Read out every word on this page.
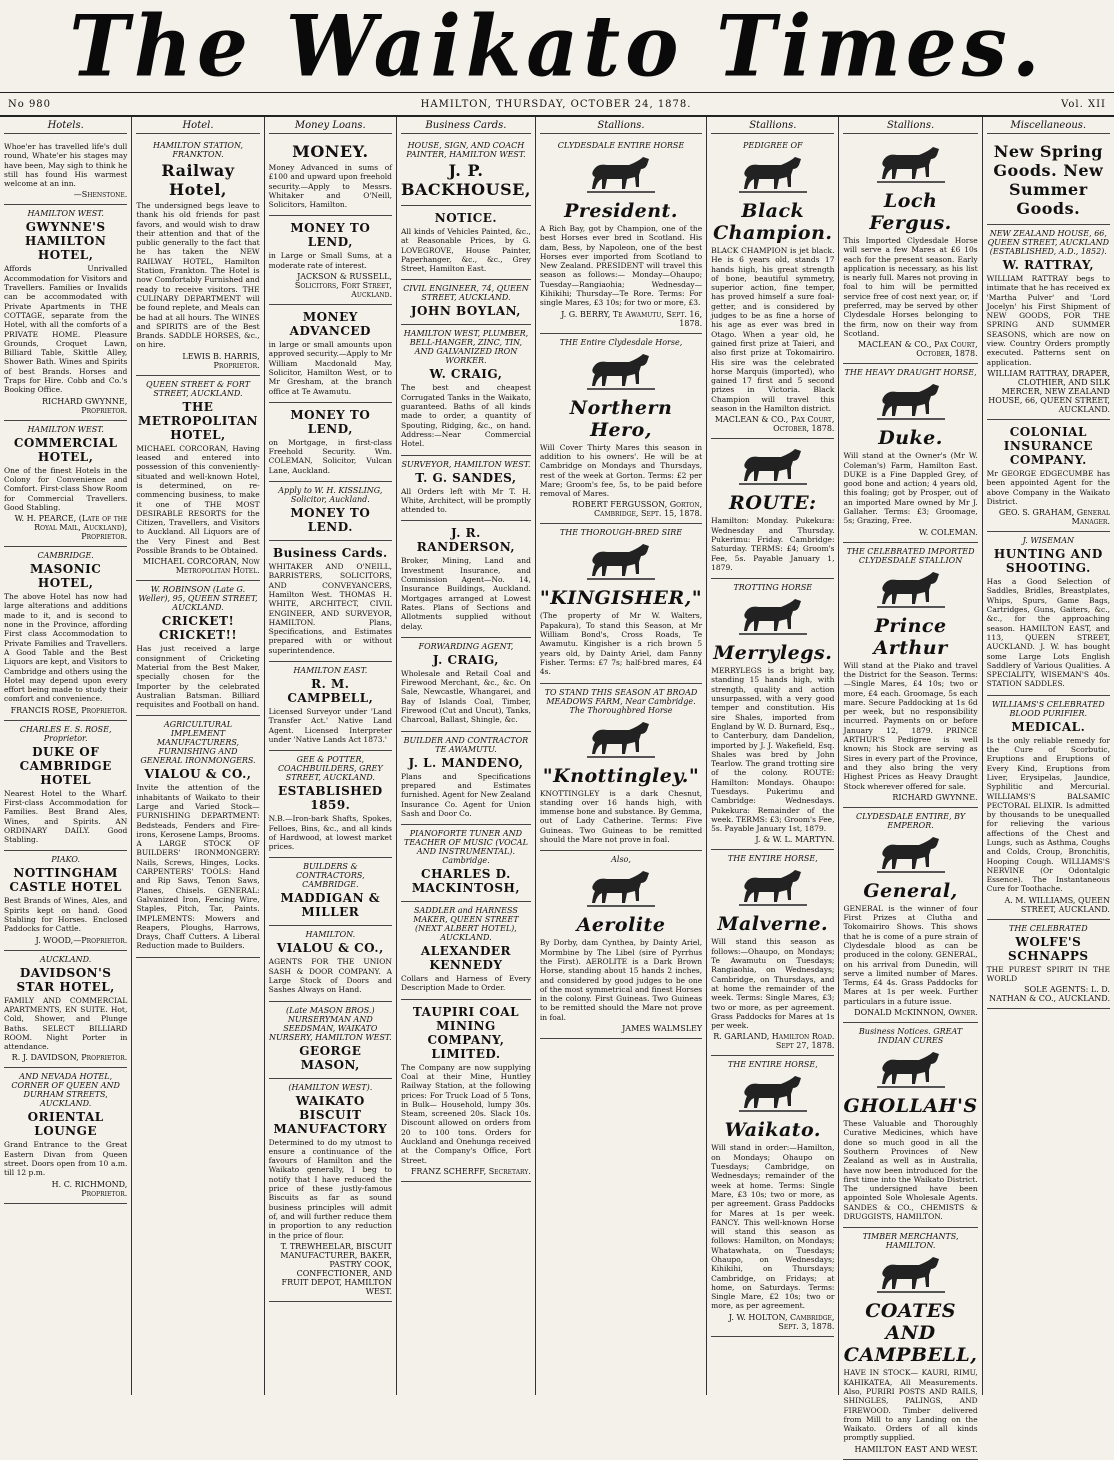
The Waikato Times.
No 980	HAMILTON, THURSDAY, OCTOBER 24, 1878.	Vol. XII
Hotels.
Whoe'er has travelled life's dull round, Whate'er his stages may have been, May sigh to think he still has found His warmest welcome at an inn.
—Shenstone.
HAMILTON WEST.
GWYNNE'S HAMILTON HOTEL,
Affords Unrivalled Accommodation for Visitors and Travellers. Families or Invalids can be accommodated with Private Apartments in THE COTTAGE, separate from the Hotel, with all the comforts of a PRIVATE HOME. Pleasure Grounds, Croquet Lawn, Billiard Table, Skittle Alley, Shower Bath. Wines and Spirits of best Brands. Horses and Traps for Hire. Cobb and Co.'s Booking Office.
RICHARD GWYNNE, Proprietor.
HAMILTON WEST.
COMMERCIAL HOTEL,
One of the finest Hotels in the Colony for Convenience and Comfort. First-class Show Room for Commercial Travellers. Good Stabling.
W. H. PEARCE, (Late of the Royal Mail, Auckland), Proprietor.
CAMBRIDGE.
MASONIC HOTEL,
The above Hotel has now had large alterations and additions made to it, and is second to none in the Province, affording First class Accommodation to Private Families and Travellers. A Good Table and the Best Liquors are kept, and Visitors to Cambridge and others using the Hotel may depend upon every effort being made to study their comfort and convenience.
FRANCIS ROSE, Proprietor.
CHARLES E. S. ROSE, Proprietor.
DUKE OF CAMBRIDGE HOTEL
Nearest Hotel to the Wharf. First-class Accommodation for Families. Best Brand Ales, Wines, and Spirits. AN ORDINARY DAILY. Good Stabling.
PIAKO.
NOTTINGHAM CASTLE HOTEL
Best Brands of Wines, Ales, and Spirits kept on hand. Good Stabling for Horses. Enclosed Paddocks for Cattle.
J. WOOD,—Proprietor.
AUCKLAND.
DAVIDSON'S STAR HOTEL,
FAMILY AND COMMERCIAL APARTMENTS, EN SUITE. Hot, Cold, Shower, and Plunge Baths. SELECT BILLIARD ROOM. Night Porter in attendance.
R. J. DAVIDSON, Proprietor.
AND NEVADA HOTEL, CORNER OF QUEEN AND DURHAM STREETS, AUCKLAND.
ORIENTAL LOUNGE
Grand Entrance to the Great Eastern Divan from Queen street. Doors open from 10 a.m. till 12 p.m.
H. C. RICHMOND, Proprietor.
Hotel.
HAMILTON STATION, FRANKTON.
Railway Hotel,
The undersigned begs leave to thank his old friends for past favors, and would wish to draw their attention and that of the public generally to the fact that he has taken the NEW RAILWAY HOTEL, Hamilton Station, Frankton. The Hotel is now Comfortably Furnished and ready to receive visitors. THE CULINARY DEPARTMENT will be found replete, and Meals can be had at all hours. The WINES and SPIRITS are of the Best Brands. SADDLE HORSES, &c., on hire.
LEWIS B. HARRIS, Proprietor.
QUEEN STREET & FORT STREET, AUCKLAND.
THE METROPOLITAN HOTEL,
MICHAEL CORCORAN, Having leased and entered into possession of this conveniently-situated and well-known Hotel, is determined, on re-commencing business, to make it one of THE MOST DESIRABLE RESORTS for the Citizen, Travellers, and Visitors to Auckland. All Liquors are of the Very Finest and Best Possible Brands to be Obtained.
MICHAEL CORCORAN, Now Metropolitan Hotel.
W. ROBINSON (Late G. Weller), 95, QUEEN STREET, AUCKLAND.
CRICKET! CRICKET!!
Has just received a large consignment of Cricketing Material from the Best Maker, specially chosen for the Importer by the celebrated Australian Batsman. Billiard requisites and Football on hand.
AGRICULTURAL IMPLEMENT MANUFACTURERS, FURNISHING AND GENERAL IRONMONGERS.
VIALOU & CO.,
Invite the attention of the inhabitants of Waikato to their Large and Varied Stock— FURNISHING DEPARTMENT: Bedsteads, Fenders and Fire-irons, Kerosene Lamps, Brooms. A LARGE STOCK OF BUILDERS' IRONMONGERY: Nails, Screws, Hinges, Locks. CARPENTERS' TOOLS: Hand and Rip Saws, Tenon Saws, Planes, Chisels. GENERAL: Galvanized Iron, Fencing Wire, Staples, Pitch, Tar, Paints. IMPLEMENTS: Mowers and Reapers, Ploughs, Harrows, Drays, Chaff Cutters. A Liberal Reduction made to Builders.
Money Loans.
MONEY.
Money Advanced in sums of £100 and upward upon freehold security.—Apply to Messrs. Whitaker and O'Neill, Solicitors, Hamilton.
MONEY TO LEND,
in Large or Small Sums, at a moderate rate of interest.
JACKSON & RUSSELL, Solicitors, Fort Street, Auckland.
MONEY ADVANCED
in large or small amounts upon approved security.—Apply to Mr William Macdonald May, Solicitor, Hamilton West, or to Mr Gresham, at the branch office at Te Awamutu.
MONEY TO LEND,
on Mortgage, in first-class Freehold Security. Wm. COLEMAN, Solicitor, Vulcan Lane, Auckland.
Apply to W. H. KISSLING, Solicitor, Auckland.
MONEY TO LEND.
Business Cards.
WHITAKER AND O'NEILL, BARRISTERS, SOLICITORS, AND CONVEYANCERS, Hamilton West. THOMAS H. WHITE, ARCHITECT, CIVIL ENGINEER, AND SURVEYOR, HAMILTON. Plans, Specifications, and Estimates prepared with or without superintendence.
HAMILTON EAST.
R. M. CAMPBELL,
Licensed Surveyor under 'Land Transfer Act.' Native Land Agent. Licensed Interpreter under 'Native Lands Act 1873.'
GEE & POTTER, COACHBUILDERS, GREY STREET, AUCKLAND.
ESTABLISHED 1859.
N.B.—Iron-bark Shafts, Spokes, Felloes, Bins, &c., and all kinds of Hardwood, at lowest market prices.
BUILDERS & CONTRACTORS, CAMBRIDGE.
MADDIGAN & MILLER
HAMILTON.
VIALOU & CO.,
AGENTS FOR THE UNION SASH & DOOR COMPANY. A Large Stock of Doors and Sashes Always on Hand.
(Late MASON BROS.) NURSERYMAN AND SEEDSMAN, WAIKATO NURSERY, HAMILTON WEST.
GEORGE MASON,
(HAMILTON WEST).
WAIKATO BISCUIT MANUFACTORY
Determined to do my utmost to ensure a continuance of the favours of Hamilton and the Waikato generally, I beg to notify that I have reduced the price of these justly-famous Biscuits as far as sound business principles will admit of, and will further reduce them in proportion to any reduction in the price of flour.
T. TREWHEELAR, BISCUIT MANUFACTURER, BAKER, PASTRY COOK, CONFECTIONER, AND FRUIT DEPOT, HAMILTON WEST.
Business Cards.
HOUSE, SIGN, AND COACH PAINTER, HAMILTON WEST.
J. P. BACKHOUSE,
NOTICE.
All kinds of Vehicles Painted, &c., at Reasonable Prices, by G. LOVEGROVE, House Painter, Paperhanger, &c., &c., Grey Street, Hamilton East.
CIVIL ENGINEER, 74, QUEEN STREET, AUCKLAND.
JOHN BOYLAN,
HAMILTON WEST, PLUMBER, BELL-HANGER, ZINC, TIN, AND GALVANIZED IRON WORKER.
W. CRAIG,
The best and cheapest Corrugated Tanks in the Waikato, guaranteed. Baths of all kinds made to order, a quantity of Spouting, Ridging, &c., on hand. Address:—Near Commercial Hotel.
SURVEYOR, HAMILTON WEST.
T. G. SANDES,
All Orders left with Mr T. H. White, Architect, will be promptly attended to.
J. R. RANDERSON,
Broker, Mining, Land and Investment Insurance, and Commission Agent—No. 14, Insurance Buildings, Auckland. Mortgages arranged at Lowest Rates. Plans of Sections and Allotments supplied without delay.
FORWARDING AGENT,
J. CRAIG,
Wholesale and Retail Coal and Firewood Merchant, &c., &c. On Sale, Newcastle, Whangarei, and Bay of Islands Coal, Timber, Firewood (Cut and Uncut), Tanks, Charcoal, Ballast, Shingle, &c.
BUILDER AND CONTRACTOR TE AWAMUTU.
J. L. MANDENO,
Plans and Specifications prepared and Estimates furnished. Agent for New Zealand Insurance Co. Agent for Union Sash and Door Co.
PIANOFORTE TUNER AND TEACHER OF MUSIC (VOCAL AND INSTRUMENTAL). Cambridge.
CHARLES D. MACKINTOSH,
SADDLER and HARNESS MAKER, QUEEN STREET (NEXT ALBERT HOTEL), AUCKLAND.
ALEXANDER KENNEDY
Collars and Harness of Every Description Made to Order.
TAUPIRI COAL MINING COMPANY, LIMITED.
The Company are now supplying Coal at their Mine, Huntley Railway Station, at the following prices: For Truck Load of 5 Tons, in Bulk— Household, lumpy 30s. Steam, screened 20s. Slack 10s. Discount allowed on orders from 20 to 100 tons. Orders for Auckland and Onehunga received at the Company's Office, Fort Street.
FRANZ SCHERFF, Secretary.
Stallions.
CLYDESDALE ENTIRE HORSE
President.
A Rich Bay, got by Champion, one of the best Horses ever bred in Scotland. His dam, Bess, by Napoleon, one of the best Horses ever imported from Scotland to New Zealand. PRESIDENT will travel this season as follows:— Monday—Ohaupo; Tuesday—Rangiaohia; Wednesday—Kihikihi; Thursday—Te Rore. Terms: For single Mares, £3 10s; for two or more, £3.
J. G. BERRY, Te Awamutu, Sept. 16, 1878.
THE Entire Clydesdale Horse,
Northern Hero,
Will Cover Thirty Mares this season in addition to his owners'. He will be at Cambridge on Mondays and Thursdays, rest of the week at Gorton. Terms: £2 per Mare; Groom's fee, 5s, to be paid before removal of Mares.
ROBERT FERGUSSON, Gorton, Cambridge, Sept. 15, 1878.
THE THOROUGH-BRED SIRE
"KINGISHER,"
(The property of Mr W. Walters, Papakura), To stand this Season, at Mr William Bond's, Cross Roads, Te Awamutu. Kingisher is a rich brown 5 years old, by Dainty Ariel, dam Fanny Fisher. Terms: £7 7s; half-bred mares, £4 4s.
TO STAND THIS SEASON AT BROAD MEADOWS FARM, Near Cambridge. The Thoroughbred Horse
"Knottingley."
KNOTTINGLEY is a dark Chesnut, standing over 16 hands high, with immense bone and substance. By Gemma, out of Lady Catherine. Terms: Five Guineas. Two Guineas to be remitted should the Mare not prove in foal.
Also,
Aerolite
By Dorby, dam Cynthea, by Dainty Ariel, Mormbine by The Libel (sire of Pyrrhus the First). AEROLITE is a Dark Brown Horse, standing about 15 hands 2 inches, and considered by good judges to be one of the most symmetrical and finest Horses in the colony. First Guineas. Two Guineas to be remitted should the Mare not prove in foal.
JAMES WALMSLEY
Stallions.
PEDIGREE OF
Black Champion.
BLACK CHAMPION is jet black. He is 6 years old, stands 17 hands high, his great strength of bone, beautiful symmetry, superior action, fine temper, has proved himself a sure foal-getter, and is considered by judges to be as fine a horse of his age as ever was bred in Otago. When a year old, he gained first prize at Taieri, and also first prize at Tokomairiro. His sire was the celebrated horse Marquis (imported), who gained 17 first and 5 second prizes in Victoria. Black Champion will travel this season in the Hamilton district.
MACLEAN & CO., Pax Court, October, 1878.
ROUTE:
Hamilton: Monday. Pukekura: Wednesday and Thursday. Pukerimu: Friday. Cambridge: Saturday. TERMS: £4; Groom's Fee, 5s. Payable January 1, 1879.
TROTTING HORSE
Merrylegs.
MERRYLEGS is a bright bay, standing 15 hands high, with strength, quality and action unsurpassed, with a very good temper and constitution. His sire Shales, imported from England by W. D. Burnard, Esq., to Canterbury, dam Dandelion, imported by J. J. Wakefield, Esq. Shales was bred by John Tearlow. The grand trotting sire of the colony. ROUTE: Hamilton: Mondays. Ohaupo: Tuesdays. Pukerimu and Cambridge: Wednesdays. Pukekura: Remainder of the week. TERMS: £3; Groom's Fee, 5s. Payable January 1st, 1879.
J. & W. L. MARTYN.
THE ENTIRE HORSE,
Malverne.
Will stand this season as follows:—Ohaupo, on Mondays; Te Awamutu on Tuesdays; Rangiaohia, on Wednesdays; Cambridge, on Thursdays, and at home the remainder of the week. Terms: Single Mares, £3; two or more, as per agreement. Grass Paddocks for Mares at 1s per week.
R. GARLAND, Hamilton Road. Sept 27, 1878.
THE ENTIRE HORSE,
Waikato.
Will stand in order:—Hamilton, on Mondays; Ohaupo on Tuesdays; Cambridge, on Wednesdays; remainder of the week at home. Terms: Single Mare, £3 10s; two or more, as per agreement. Grass Paddocks for Mares at 1s per week. FANCY. This well-known Horse will stand this season as follows: Hamilton, on Mondays; Whatawhata, on Tuesdays; Ohaupo, on Wednesdays; Kihikihi, on Thursdays; Cambridge, on Fridays; at home, on Saturdays. Terms: Single Mare, £2 10s; two or more, as per agreement.
J. W. HOLTON, Cambridge, Sept. 3, 1878.
Stallions.
Loch Fergus.
This Imported Clydesdale Horse will serve a few Mares at £6 10s each for the present season. Early application is necessary, as his list is nearly full. Mares not proving in foal to him will be permitted service free of cost next year, or, if preferred, may be served by other Clydesdale Horses belonging to the firm, now on their way from Scotland.
MACLEAN & CO., Pax Court, October, 1878.
THE HEAVY DRAUGHT HORSE,
Duke.
Will stand at the Owner's (Mr W. Coleman's) Farm, Hamilton East. DUKE is a Fine Dappled Grey, of good bone and action; 4 years old, this foaling; got by Prosper, out of an imported Mare owned by Mr J. Gallaher. Terms: £3; Groomage, 5s; Grazing, Free.
W. COLEMAN.
THE CELEBRATED IMPORTED CLYDESDALE STALLION
Prince Arthur
Will stand at the Piako and travel the District for the Season. Terms:—Single Mares, £4 10s; two or more, £4 each. Groomage, 5s each mare. Secure Paddocking at 1s 6d per week, but no responsibility incurred. Payments on or before January 12, 1879. PRINCE ARTHUR'S Pedigree is well known; his Stock are serving as Sires in every part of the Province, and they also bring the very Highest Prices as Heavy Draught Stock wherever offered for sale.
RICHARD GWYNNE.
CLYDESDALE ENTIRE, BY EMPEROR.
General,
GENERAL is the winner of four First Prizes at Clutha and Tokomairiro Shows. This shows that he is come of a pure strain of Clydesdale blood as can be produced in the colony. GENERAL, on his arrival from Dunedin, will serve a limited number of Mares. Terms, £4 4s. Grass Paddocks for Mares at 1s per week. Further particulars in a future issue.
DONALD McKINNON, Owner.
Business Notices. GREAT INDIAN CURES
GHOLLAH'S
These Valuable and Thoroughly Curative Medicines, which have done so much good in all the Southern Provinces of New Zealand as well as in Australia, have now been introduced for the first time into the Waikato District. The undersigned have been appointed Sole Wholesale Agents. SANDES & CO., CHEMISTS & DRUGGISTS, HAMILTON.
TIMBER MERCHANTS, HAMILTON.
COATES AND CAMPBELL,
HAVE IN STOCK— KAURI, RIMU, KAHIKATEA, All Measurements. Also, PURIRI POSTS AND RAILS, SHINGLES, PALINGS, AND FIREWOOD. Timber delivered from Mill to any Landing on the Waikato. Orders of all kinds promptly supplied.
HAMILTON EAST AND WEST.
Miscellaneous.
New Spring Goods. New Summer Goods.
NEW ZEALAND HOUSE, 66, QUEEN STREET, AUCKLAND (ESTABLISHED, A.D., 1852).
W. RATTRAY,
WILLIAM RATTRAY begs to intimate that he has received ex 'Martha Pulver' and 'Lord Jocelyn' his First Shipment of NEW GOODS, FOR THE SPRING AND SUMMER SEASONS, which are now on view. Country Orders promptly executed. Patterns sent on application.
WILLIAM RATTRAY, DRAPER, CLOTHIER, AND SILK MERCER, NEW ZEALAND HOUSE, 66, QUEEN STREET, AUCKLAND.
COLONIAL INSURANCE COMPANY.
Mr GEORGE EDGECUMBE has been appointed Agent for the above Company in the Waikato District.
GEO. S. GRAHAM, General Manager.
J. WISEMAN
HUNTING AND SHOOTING.
Has a Good Selection of Saddles, Bridles, Breastplates, Whips, Spurs, Game Bags, Cartridges, Guns, Gaiters, &c., &c., for the approaching season. HAMILTON EAST, and 113, QUEEN STREET, AUCKLAND. J. W. has bought some Large Lots English Saddlery of Various Qualities. A SPECIALITY, WISEMAN'S 40s. STATION SADDLES.
WILLIAMS'S CELEBRATED BLOOD PURIFIER.
MEDICAL.
Is the only reliable remedy for the Cure of Scorbutic, Eruptions and Eruptions of Every Kind, Eruptions from Liver, Erysipelas, Jaundice, Syphilitic and Mercurial. WILLIAMS'S BALSAMIC PECTORAL ELIXIR. Is admitted by thousands to be unequalled for relieving the various affections of the Chest and Lungs, such as Asthma, Coughs and Colds, Croup, Bronchitis, Hooping Cough. WILLIAMS'S NERVINE (Or Odontalgic Essence). The Instantaneous Cure for Toothache.
A. M. WILLIAMS, QUEEN STREET, AUCKLAND.
THE CELEBRATED
WOLFE'S SCHNAPPS
THE PUREST SPIRIT IN THE WORLD
SOLE AGENTS: L. D. NATHAN & CO., AUCKLAND.
